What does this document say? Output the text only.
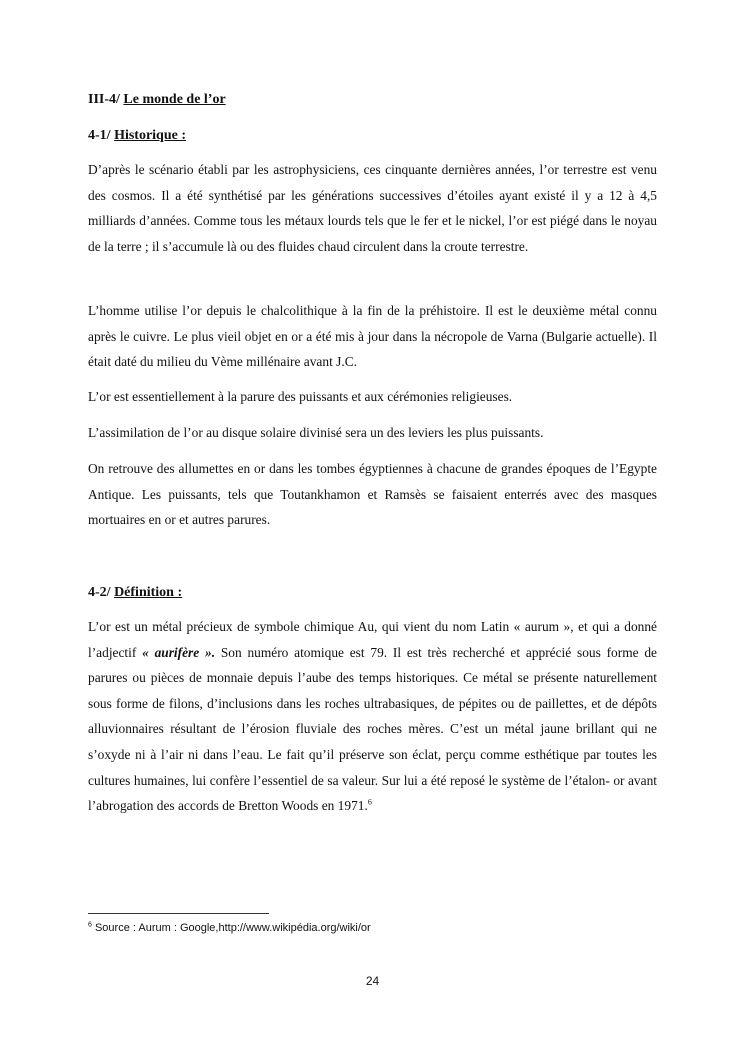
III-4/ Le monde de l’or
4-1/ Historique :

D’après le scénario établi par les astrophysiciens, ces cinquante dernières années, l’or terrestre est venu des cosmos. Il a été synthétisé par les générations successives d’étoiles ayant existé il y a 12 à 4,5 milliards d’années. Comme tous les métaux lourds tels que le fer et le nickel, l’or est piégé dans le noyau de la terre ; il s’accumule là ou des fluides chaud circulent dans la croute terrestre.

L’homme utilise l’or depuis le chalcolithique à la fin de la préhistoire. Il est le deuxième métal connu après le cuivre. Le plus vieil objet en or a été mis à jour dans la nécropole de Varna (Bulgarie actuelle). Il était daté du milieu du Vème millénaire avant J.C.

L’or est essentiellement à la parure des puissants et aux cérémonies religieuses.

L’assimilation de l’or au disque solaire divinisé sera un des leviers les plus puissants.

On retrouve des allumettes en or dans les tombes égyptiennes à chacune de grandes époques de l’Egypte Antique. Les puissants, tels que Toutankhamon et Ramsès se faisaient enterrés avec des masques mortuaires en or et autres parures.

4-2/ Définition :

L’or est un métal précieux de symbole chimique Au, qui vient du nom Latin « aurum », et qui a donné l’adjectif « aurifère ». Son numéro atomique est 79. Il est très recherché et apprécié sous forme de parures ou pièces de monnaie depuis l’aube des temps historiques. Ce métal se présente naturellement sous forme de filons, d’inclusions dans les roches ultrabasiques, de pépites ou de paillettes, et de dépôts alluvionnaires résultant de l’érosion fluviale des roches mères. C’est un métal jaune brillant qui ne s’oxyde ni à l’air ni dans l’eau. Le fait qu’il préserve son éclat, perçu comme esthétique par toutes les cultures humaines, lui confère l’essentiel de sa valeur. Sur lui a été reposé le système de l’étalon- or avant l’abrogation des accords de Bretton Woods en 1971.$^6$

$^6$ Source : Aurum : Google,http://www.wikipédia.org/wiki/or
24
